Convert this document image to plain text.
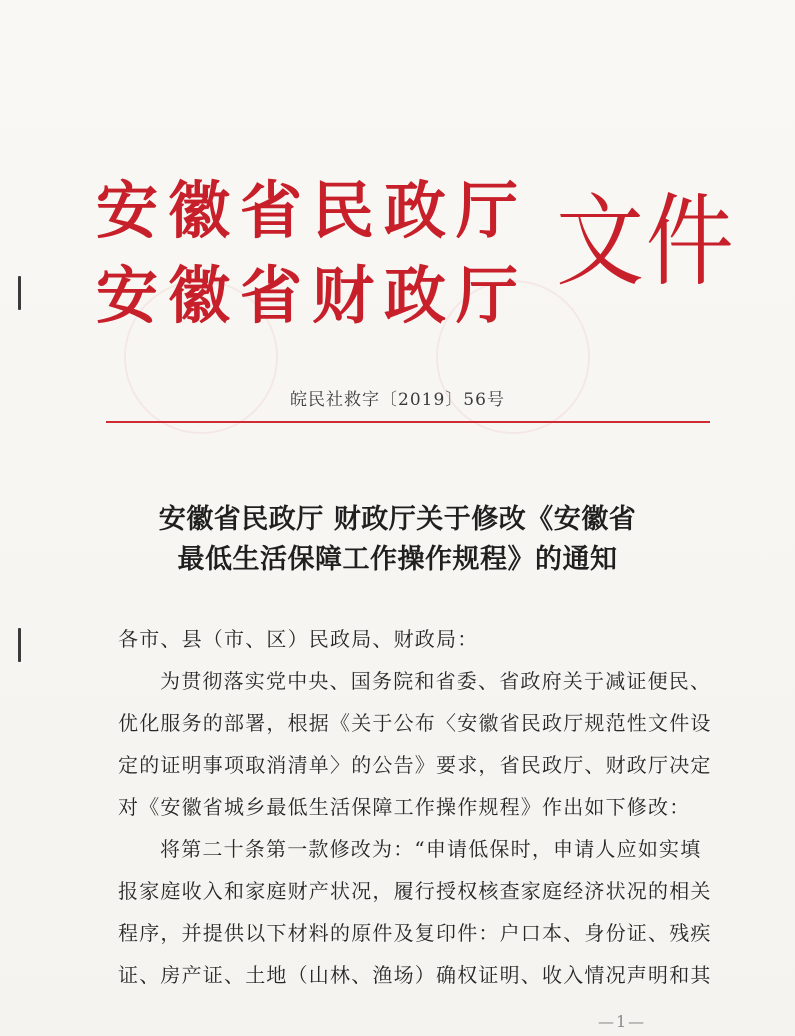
安徽省民政厅
安徽省财政厅 文件
皖民社救字〔2019〕56号
安徽省民政厅 财政厅关于修改《安徽省
最低生活保障工作操作规程》的通知
各市、县（市、区）民政局、财政局：
为贯彻落实党中央、国务院和省委、省政府关于减证便民、
优化服务的部署，根据《关于公布〈安徽省民政厅规范性文件设
定的证明事项取消清单〉的公告》要求，省民政厅、财政厅决定
对《安徽省城乡最低生活保障工作操作规程》作出如下修改：
将第二十条第一款修改为：“申请低保时，申请人应如实填
报家庭收入和家庭财产状况，履行授权核查家庭经济状况的相关
程序，并提供以下材料的原件及复印件：户口本、身份证、残疾
证、房产证、土地（山林、渔场）确权证明、收入情况声明和其
—1—
